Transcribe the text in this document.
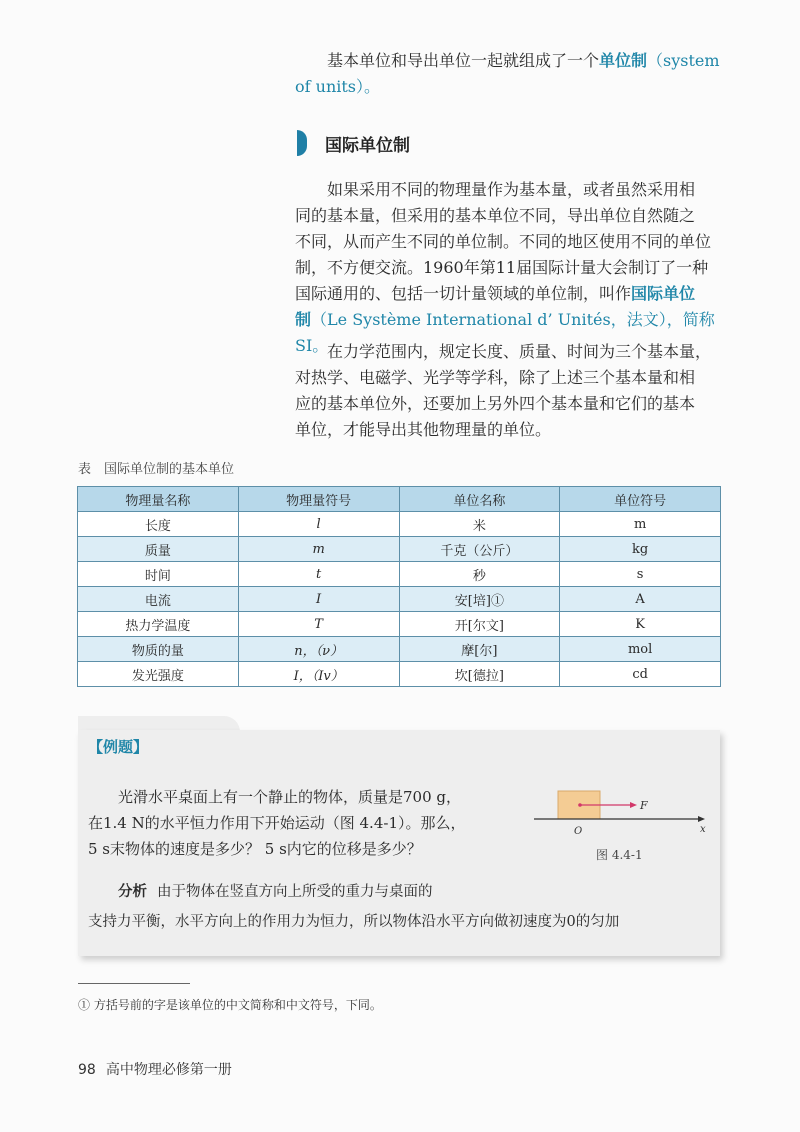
基本单位和导出单位一起就组成了一个单位制（system
of units）。
国际单位制
如果采用不同的物理量作为基本量，或者虽然采用相
同的基本量，但采用的基本单位不同，导出单位自然随之
不同，从而产生不同的单位制。不同的地区使用不同的单位
制，不方便交流。1960年第11届国际计量大会制订了一种
国际通用的、包括一切计量领域的单位制，叫作国际单位
制（Le Système International d’ Unités，法文），简称SI。
在力学范围内，规定长度、质量、时间为三个基本量，
对热学、电磁学、光学等学科，除了上述三个基本量和相
应的基本单位外，还要加上另外四个基本量和它们的基本
单位，才能导出其他物理量的单位。
表　国际单位制的基本单位
物理量名称	物理量符号	单位名称	单位符号
长度	l	米	m
质量	m	千克（公斤）	kg
时间	t	秒	s
电流	I	安[培]①	A
热力学温度	T	开[尔文]	K
物质的量	n，（ν）	摩[尔]	mol
发光强度	I，（Iv）	坎[德拉]	cd
【例题】
光滑水平桌面上有一个静止的物体，质量是700 g，
在1.4 N的水平恒力作用下开始运动（图 4.4-1）。那么，
5 s末物体的速度是多少？ 5 s内它的位移是多少？
F
O	x
图 4.4-1
分析 由于物体在竖直方向上所受的重力与桌面的
支持力平衡，水平方向上的作用力为恒力，所以物体沿水平方向做初速度为0的匀加
① 方括号前的字是该单位的中文简称和中文符号，下同。
98 高中物理必修第一册
